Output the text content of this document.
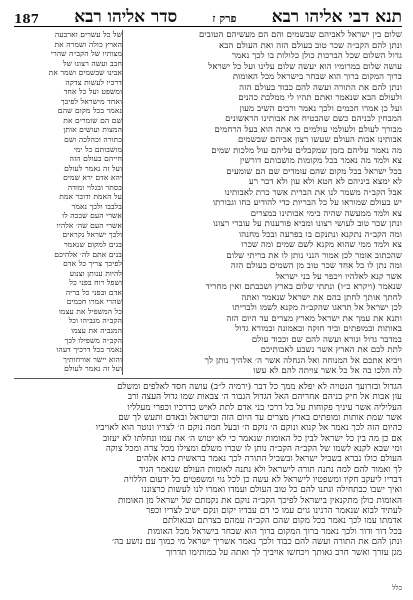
תנא דבי אליהו רבא
פרק ז
סדר אליהו רבא
187
שלום בין ישראל לאביהם שבשמים והם הם מעשיהם הטובים
ונתן להם הקב״ה שכר טוב בעולם הזה ואת העולם הבא
גדול השלום שכל הברכות כולן כלולות בו לכך נאמר
עושה שלום במרומיו הוא יעשה שלום עלינו ועל כל ישראל
ברוך המקום ברוך הוא שבחר בישראל מכל האומות
ונתן להם את התורה ועשה להם כבוד בעולם הזה
ולעולם הבא שנאמר ואתם תהיו לי ממלכת כהנים
ועל כן אמרו חכמים ולכך נאמר ורבים השיב מעון
המבחין לבניהם כשם שהבטיח את אבותינו הראשונים
מבורך לעולם ולעולמי עולמים כי אתה הוא בעל הרחמים
אבותינו אבות העולם שעשו רצון אביהם שבשמים
מה נאמר עליהם בזמן שמקבלים עליהם עול מלכות שמים
צא ולמד מה נאמר בכל מקומות מושבותם דורשין
בכל ישראל בכל מקום שהם עומדים שם הם שומעים
לא ימצא ביניהם לא חטא ולא עון ולא דבר רע
אבל הקב״ה משמר לנו את הברית אשר כרת לאבותינו
יש בעולם שמוראו על כל הבריות כדי להודיע כחו וגבורתו
צא ולמד ממעשה שהיה בימי אבותינו במצרים
ונתן שכר טוב לעושי רצונו ומביא פורענות על עוברי רצונו
ומה הקב״ה נתקנא ונתנקם בו בפרעה ובכל מחנהו
צא ולמד ממי שהוא מקנא לשם שמים ומה שכרו
שהכתוב אומר לכן אמור הנני נותן לו את בריתי שלום
ומה נתן לו כל אחד שכר טוב מן השמים בעולם הזה
אשר קנא לאלהיו ויכפר על בני ישראל
שנאמר (ויקרא כ״ו) ונתתי שלום בארץ ושכבתם ואין מחריד
לחתך אותך לחתן בהם את ישראל שנאמר ואתה
לכן ישראל אל תדאגו שהקב״ה מקנא לשמו ולבריתו
ותנא את עמך את ישראל מארץ מצרים עד היום הזה
באותות ובמופתים וביד חזקה ובאמונה ובמורא גדול
במדבר גדול ונורא ועשה להם שם וכבוד עולם
לתת לכם את הארץ אשר נשבע לאבותיכם
ויביא אתכם אל המנוחה ואל הנחלה אשר ה׳ אלהיך נותן לך
לה הלכו בה אל כל אשר צויתה להם לא עשו
של כל עשרים וארבעה
הארץ כולה ושמרה את
מצותיו של הקב״ה שהרי
חבב ועשה רצונו של
אבינו שבשמים ושמר את
דרכיו לעשות צדקה
ומשפט ועל כל אחד
ואחד מישראל לפיכך
נאמר בכל מקום שהם
שם הם שומרים את
המצות ועושים אותן
כתורה וכהלכה ושם
מושבותם כל ימי
חייהם בעולם הזה
ועל זה נאמר לעולם
יהא אדם ירא שמים
בסתר ובגלוי ומודה
על האמת ודובר אמת
בלבבו ולכך נאמר
אשרי העם שככה לו
אשרי העם שה׳ אלהיו
ולכך ישראל נקראים
בנים למקום שנאמר
בנים אתם לה׳ אלהיכם
לפיכך צריך כל אדם
להיות ענותן וצנוע
ושפל רוח בפני כל
אדם ובפני כל בריה
שהרי אמרו חכמים
כל המשפיל את עצמו
הקב״ה מגביהו וכל
המגביה את עצמו
הקב״ה משפילו לכך
נאמר בכל דרכיך דעהו
והוא יישר אורחותיך
ועל זה נאמר לעולם
הגדול ובזרועך הנטויה לא יפלא ממך כל דבר (ירמיה ל״ב) עושה חסד לאלפים ומשלם
עון אבות אל חיק בניהם אחריהם האל הגדול הגבור ה׳ צבאות שמו גדול העצה ורב
העליליה אשר עיניך פקוחות על כל דרכי בני אדם לתת לאיש כדרכיו וכפרי מעלליו
אשר שמת אותות ומופתים בארץ מצרים עד היום הזה ובישראל ובאדם ותעש לך שם
כהיום הזה לכך נאמר אל קנוא ונוקם ה׳ נוקם ה׳ ובעל חמה נוקם ה׳ לצריו ונוטר הוא לאויביו
אם כן מה בין כל ישראל לבין כל האומות שנאמר כי לא יטוש ה׳ את עמו ונחלתו לא יעזוב
ומי שבא לקנא לשמו של הקב״ה הקב״ה נותן לו שכרו משלם ומצילו מכל צרה ומכל צוקה
העולם כולו נברא בשביל ישראל ובשביל התורה לכך נאמר בראשית ברא אלהים
לך ואמור להם למה נתנה תורה לישראל ולא נתנה לאומות העולם שנאמר הגיד
דבריו ליעקב חקיו ומשפטיו לישראל לא עשה כן לכל גוי ומשפטים בל ידעום הללויה
ואיך ישבו כבתחילה ונתנו להם כל טוב העולם ועמדו ואמרו לנו לעשות כרצוננו
האומות כולן מתקנאין בישראל לפיכך הקב״ה נוקם את נקמתם של ישראל מן האומות
לעתיד לבוא שנאמר הרנינו גוים עמו כי דם עבדיו יקום ונקם ישיב לצריו וכפר
אדמתו עמו לכך נאמר בכל מקום שהם הקב״ה עמהם בצרתם ובגאולתם
בכל דור ודור ולכך נאמר ברוך המקום ברוך הוא שבחר בישראל מכל האומות
ונתן להם את התורה ועשה להם כבוד ולכך נאמר אשריך ישראל מי כמוך עם נושע בה׳
מגן עזרך ואשר חרב גאותך ויכחשו אויביך לך ואתה על במותימו תדרוך
כלל
